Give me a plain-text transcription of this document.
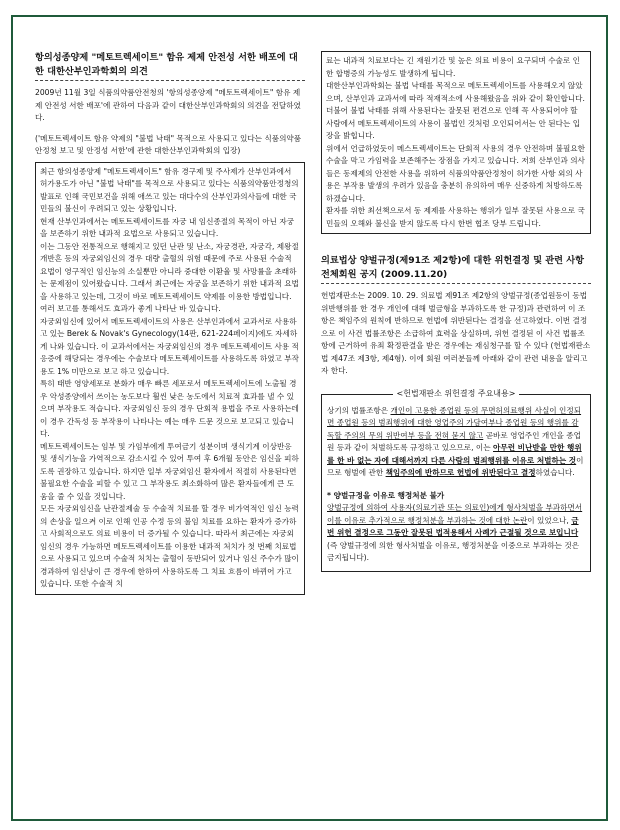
항의성종양제 "메토트렉세이트" 함유 제제 안전성 서한 배포에 대한 대한산부인과학회의 의견

2009년 11월 3일 식품의약품안전청의 '항의성종양제 "메토트렉세이트" 함유 제제 안전성 서한 배포'에 관하여 다음과 같이 대한산부인과학회의 의견을 전달하였다.

('메토트렉세이트 함유 약제의 "불법 낙태" 목적으로 사용되고 있다는 식품의약품안정청 보고 및 안정성 서한'에 관한 대한산부인과학회의 입장)

최근 항의성종양제 "메토트렉세이트" 함유 경구제 및 주사제가 산부인과에서 허가용도가 아닌 "불법 낙태"를 목적으로 사용되고 있다는 식품의약품안정청의 발표로 인해 국민보건을 위해 애쓰고 있는 대다수의 산부인과의사들에 대한 국민들의 불신이 우려되고 있는 상황입니다.

현재 산부인과에서는 메토트렉세이트를 자궁 내 임신종절의 목적이 아닌 자궁을 보존하기 위한 내과적 요법으로 사용되고 있습니다.

이는 그동안 전통적으로 행해지고 있던 난관 및 난소, 자궁경관, 자궁각, 제왕절개반흔 등의 자궁외임신의 경우 대량 출혈의 위험 때문에 주로 사용된 수술적 요법이 영구적인 임신능의 소실뿐만 아니라 중대한 이환율 및 사망률을 초래하는 문제점이 있어왔습니다. 그래서 최근에는 자궁을 보존하기 위한 내과적 요법을 사용하고 있는데, 그것이 바로 메토트렉세이트 약제를 이용한 방법입니다. 여러 보고를 통해서도 효과가 좋게 나타난 바 있습니다.

자궁외임신에 있어서 메토트렉세이트의 사용은 산부인과에서 교과서로 사용하고 있는 Berek & Novak's Gynecology(14판, 621-224페이지)에도 자세하게 나와 있습니다. 이 교과서에서는 자궁외임신의 경우 메토트렉세이트 사용 적응증에 해당되는 경우에는 수술보다 메토트렉세이트를 사용하도록 하였고 부작용도 1% 미만으로 보고 하고 있습니다.

특히 태반 영양세포로 분화가 매우 빠른 세포로서 메토트렉세이트에 노출될 경우 악성종양에서 쓰이는 농도보다 훨씬 낮은 농도에서 치료적 효과를 낼 수 있으며 부작용도 적습니다. 자궁외임신 등의 경우 단회적 용법을 주로 사용하는데 이 경우 간독성 등 부작용이 나타나는 예는 매우 드문 것으로 보고되고 있습니다.

메토트렉세이트는 임부 및 가임부에게 투여금기 성분이며 생식기계 이상반응 및 생식기능을 가역적으로 감소시킬 수 있어 투여 후 6개월 동안은 임신을 피하도록 권장하고 있습니다. 하지만 일부 자궁외임신 환자에서 적절히 사용된다면 불필요한 수술을 피할 수 있고 그 부작용도 최소화하여 많은 환자들에게 큰 도움을 줄 수 있을 것입니다.

모든 자궁외임신을 난관절제술 등 수술적 치료를 할 경우 비가역적인 임신 능력의 손상을 일으켜 이로 인해 인공 수정 등의 불임 치료를 요하는 환자가 증가하고 사회적으로도 의료 비용이 더 증가될 수 있습니다. 따라서 최근에는 자궁외임신의 경우 가능하면 메토트렉세이트를 이용한 내과적 처치가 첫 번째 치료법으로 사용되고 있으며 수술적 처치는 출혈이 동반되어 있거나 임신 주수가 많이 경과하여 임신낭이 큰 경우에 한하여 사용하도록 그 치료 흐름이 바뀌어 가고 있습니다. 또한 수술적 치

료는 내과적 치료보다는 긴 재원기간 및 높은 의료 비용이 요구되며 수술로 인한 합병증의 가능성도 발생하게 됩니다.

대한산부인과학회는 불법 낙태를 목적으로 메토트렉세이트를 사용해오지 않았으며, 산부인과 교과서에 따라 적재적소에 사용해왔음을 위와 같이 확인합니다. 더불어 불법 낙태를 위해 사용된다는 잘못된 편견으로 인해 꼭 사용되어야 할 사람에서 메토트렉세이트의 사용이 불법인 것처럼 오인되어서는 안 된다는 입장을 밝힙니다.

위에서 언급하였듯이 메스트렉세이트는 단회적 사용의 경우 안전하며 불필요한 수술을 막고 가임력을 보존해주는 장점을 가지고 있습니다. 저희 산부인과 의사들은 동제제의 안전한 사용을 위하여 식품의약품안정청이 허가한 사항 외의 사용은 부작용 발생의 우려가 있음을 충분히 유의하여 매우 신중하게 처방하도록 하겠습니다.

환자를 위한 최선책으로서 동 제제를 사용하는 행위가 일부 잘못된 사용으로 국민들의 오해와 불신을 받지 않도록 다시 한번 협조 당부 드립니다.

의료법상 양벌규정(제91조 제2항)에 대한 위헌결정 및 관련 사항 전체회원 공지 (2009.11.20)

헌법재판소는 2009. 10. 29. 의료법 제91조 제2항의 양벌규정(종업원등이 동법 위반행위를 한 경우 개인에 대해 벌금형을 부과하도록 한 규정)과 관련하여 이 조항은 책임주의 원칙에 반하므로 헌법에 위반된다는 결정을 선고하였다. 이번 결정으로 이 사건 법률조항은 소급하여 효력을 상실하며, 위헌 결정된 이 사건 법률조항에 근거하여 유죄 확정판결을 받은 경우에는 재심청구를 할 수 있다 (헌법재판소법 제47조 제3항, 제4형). 이에 회원 여러분들께 아래와 같이 관련 내용을 알리고자 한다.

<헌법재판소 위헌결정 주요내용>

상기의 법률조항은 개인이 고용한 종업원 등의 무면허의료행위 사실이 인정되면 종업원 등의 범죄행위에 대한 영업주의 가담여부나 종업원 등의 행위를 감독할 주의의 무의 위반여부 등을 전혀 묻지 않고 곧바로 영업주인 개인을 종업원 등과 같이 처벌하도록 규정하고 있으므로, 이는 아무런 비난받을 만한 행위를 한 바 없는 자에 대해서까지 다른 사람의 범죄행위를 이유로 처벌하는 것이므로 형벌에 관한 책임주의에 반하므로 헌법에 위반된다고 결정하였습니다.

* 양벌규정을 이유로 행정처분 불가

양벌규정에 의하여 사용자(의료기관 또는 의료인)에게 형사처벌을 부과하면서 이를 이유로 추가적으로 행정처분을 부과하는 것에 대한 논란이 있었으나, 금번 위헌 결정으로 그동안 잘못된 법적용해서 사례가 근절될 것으로 보입니다(즉 양벌규정에 의한 형사처벌을 이유로, 행정처분을 이중으로 부과하는 것은 금지됩니다).
